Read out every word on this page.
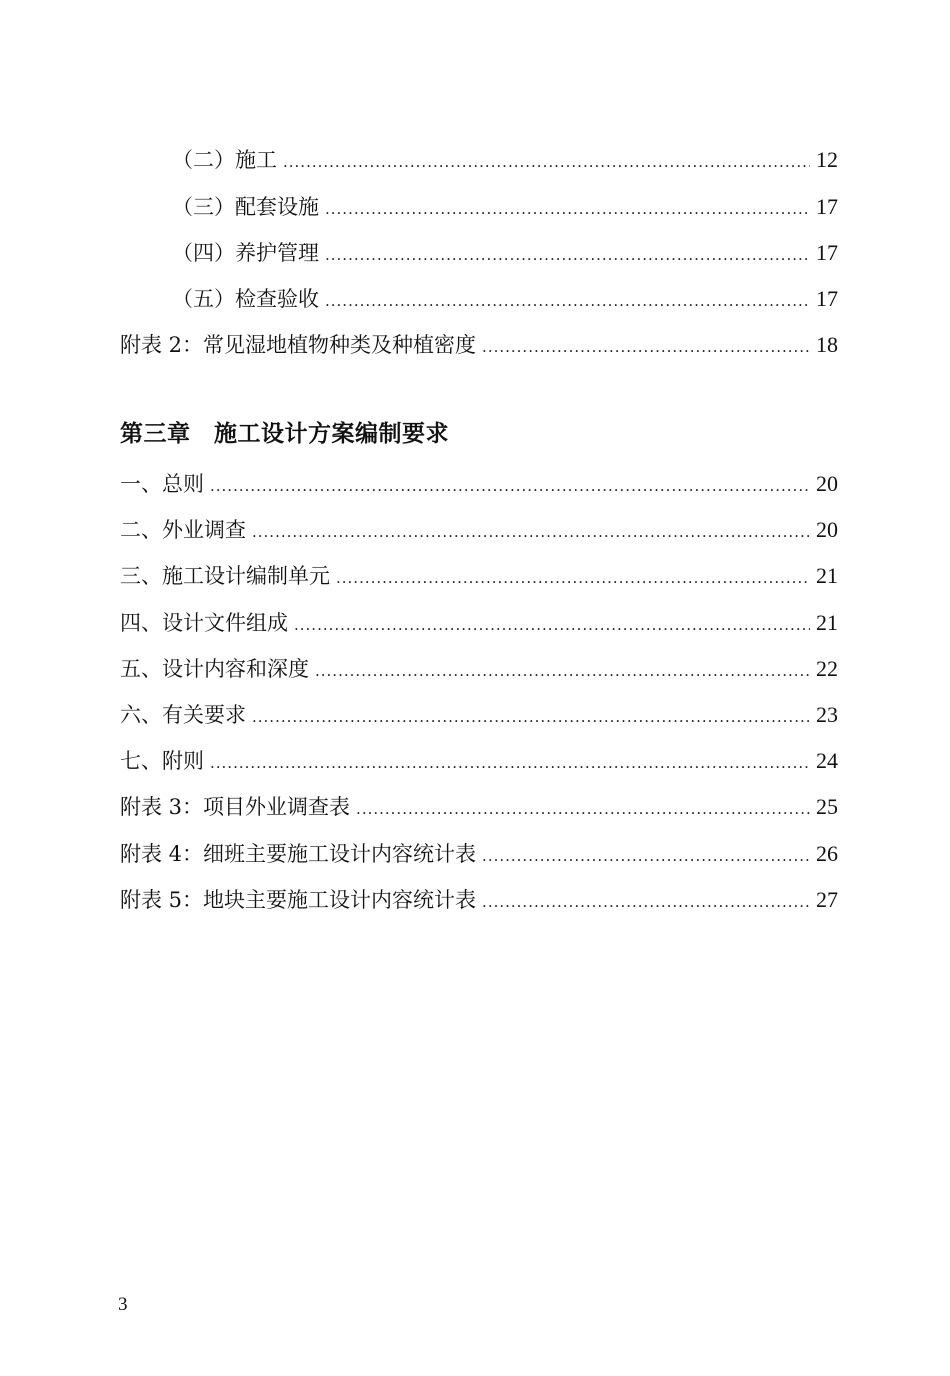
（二）施工 .....	12
（三）配套设施 .....	17
（四）养护管理 .....	17
（五）检查验收 .....	17
附表 2：常见湿地植物种类及种植密度 .....	18
第三章　施工设计方案编制要求
一、总则 .....	20
二、外业调查 .....	20
三、施工设计编制单元 .....	21
四、设计文件组成 .....	21
五、设计内容和深度 .....	22
六、有关要求 .....	23
七、附则 .....	24
附表 3：项目外业调查表 .....	25
附表 4：细班主要施工设计内容统计表 .....	26
附表 5：地块主要施工设计内容统计表 .....	27
3
